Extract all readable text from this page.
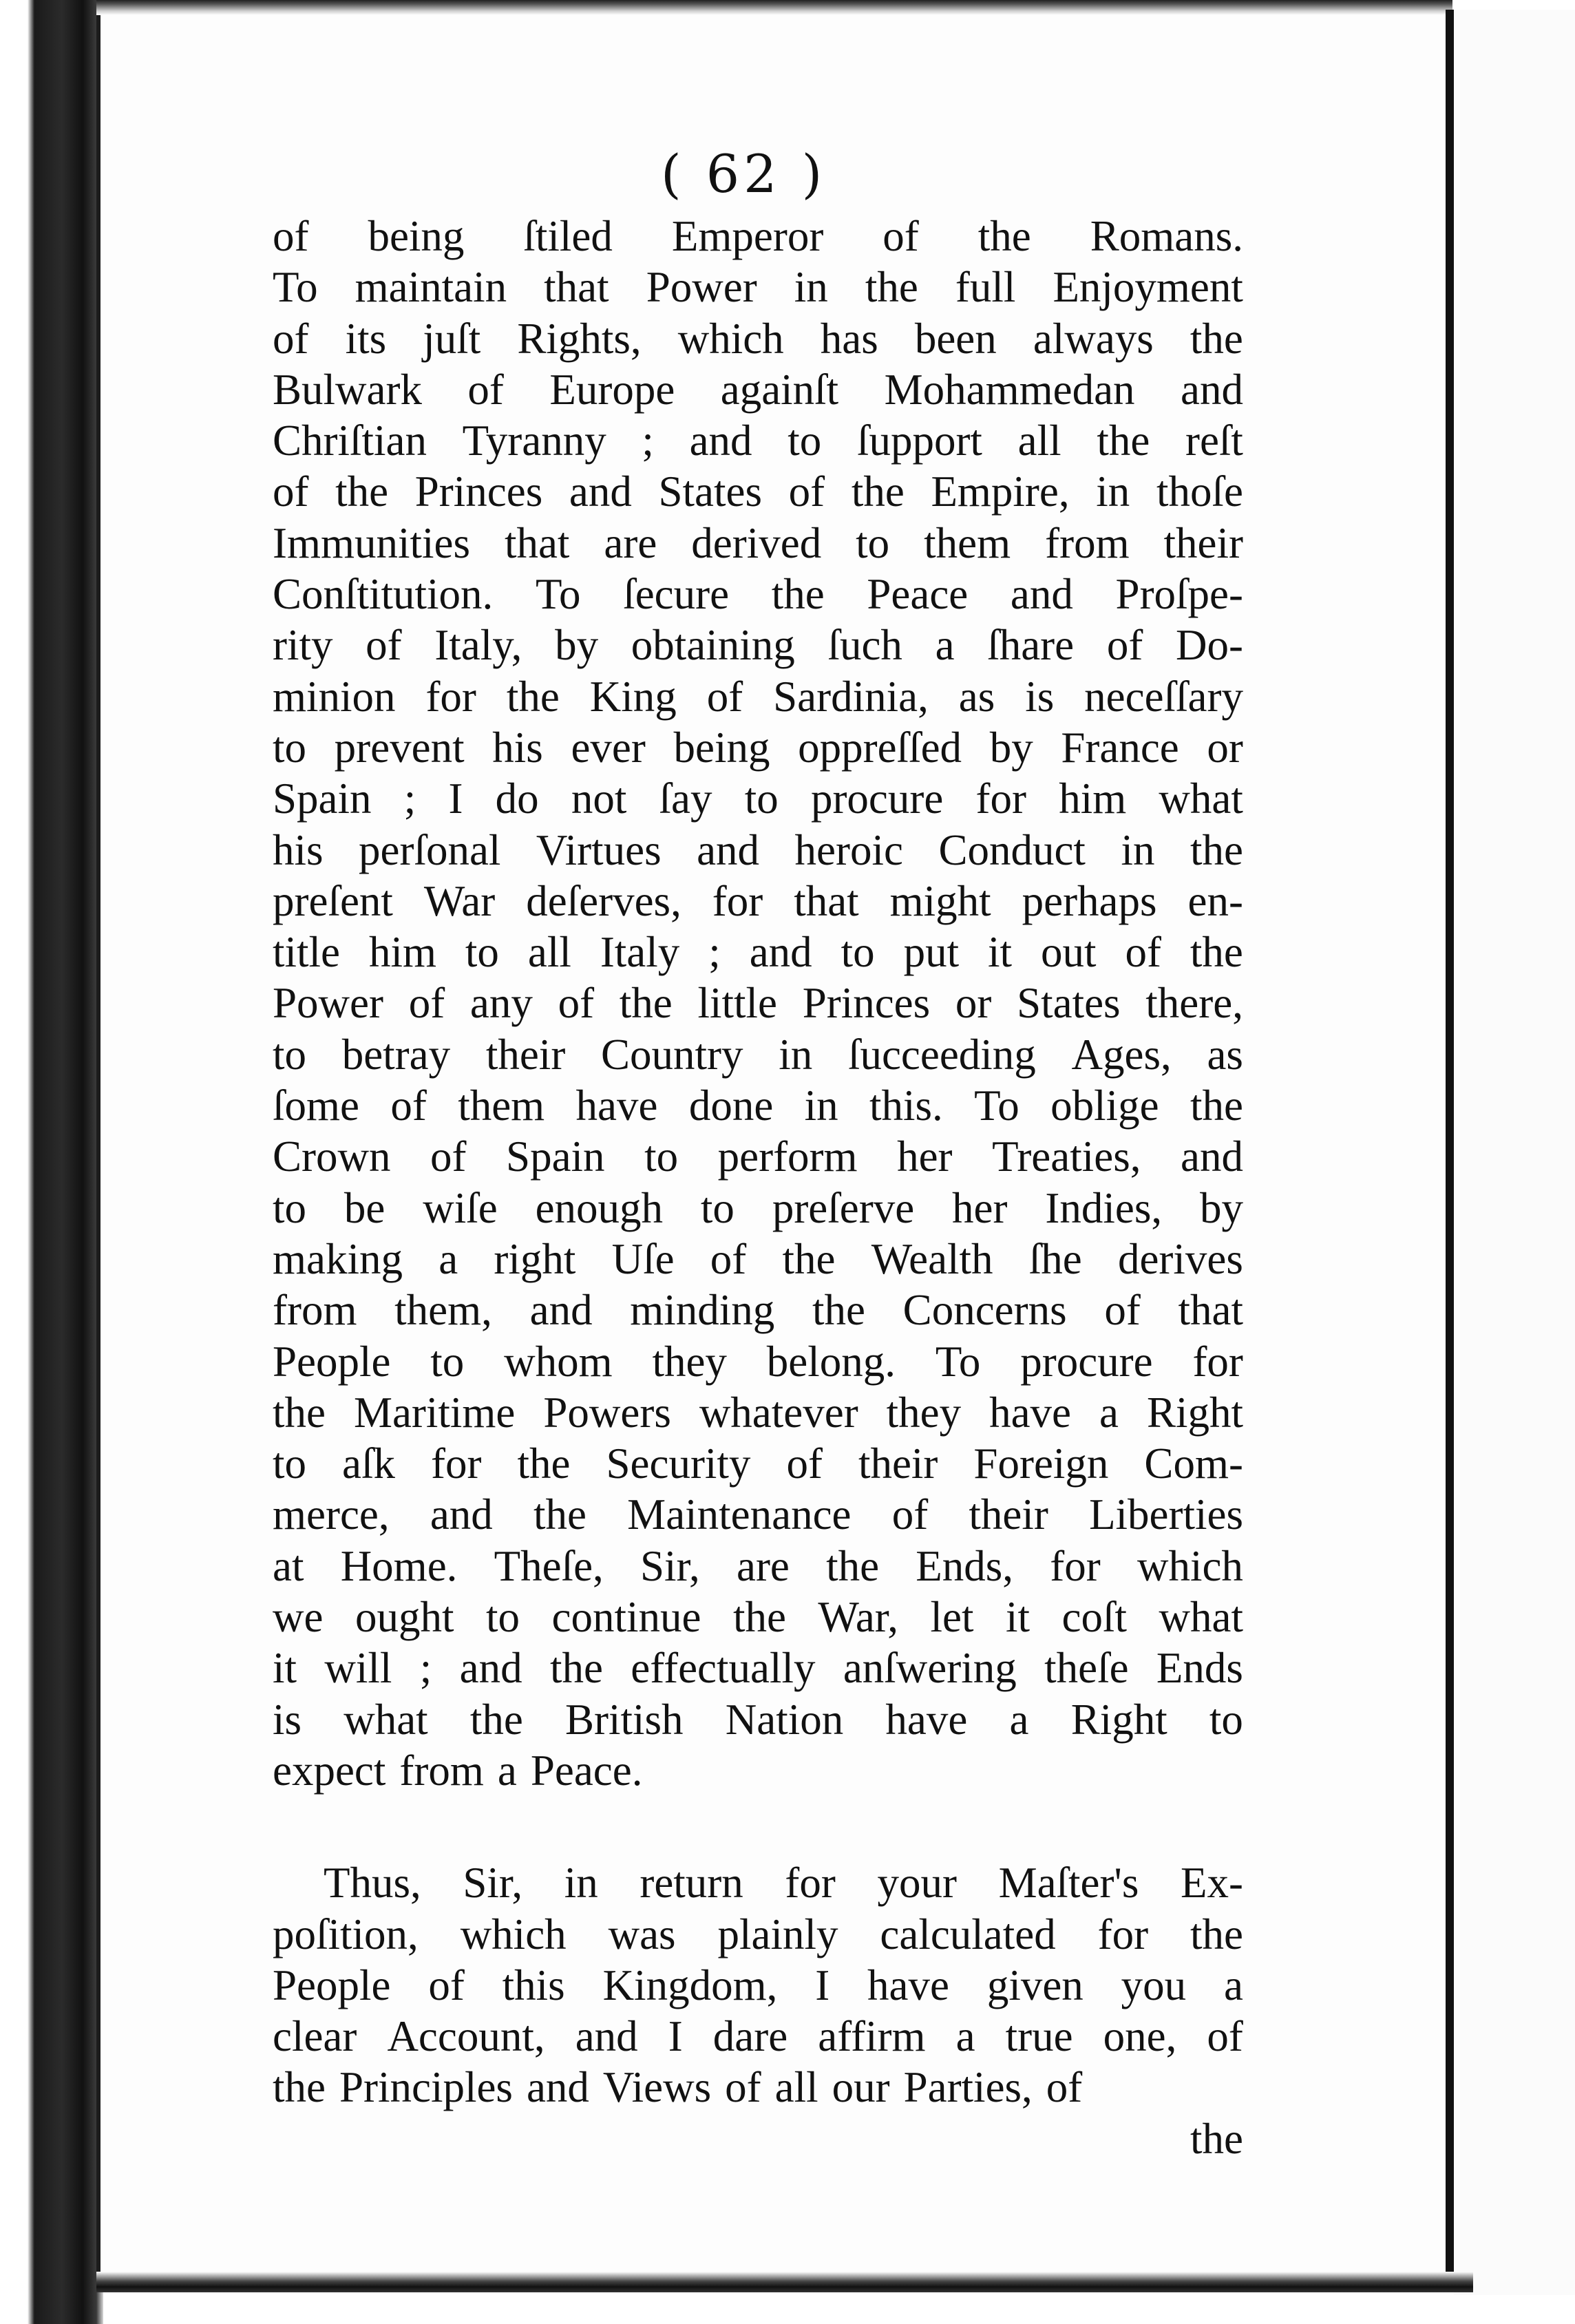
( 62 )
of being ſtiled Emperor of the Romans.
To maintain that Power in the full Enjoyment
of its juſt Rights, which has been always the
Bulwark of Europe againſt Mohammedan and
Chriſtian Tyranny ; and to ſupport all the reſt
of the Princes and States of the Empire, in thoſe
Immunities that are derived to them from their
Conſtitution. To ſecure the Peace and Proſpe-
rity of Italy, by obtaining ſuch a ſhare of Do-
minion for the King of Sardinia, as is neceſſary
to prevent his ever being oppreſſed by France or
Spain ; I do not ſay to procure for him what
his perſonal Virtues and heroic Conduct in the
preſent War deſerves, for that might perhaps en-
title him to all Italy ; and to put it out of the
Power of any of the little Princes or States there,
to betray their Country in ſucceeding Ages, as
ſome of them have done in this. To oblige the
Crown of Spain to perform her Treaties, and
to be wiſe enough to preſerve her Indies, by
making a right Uſe of the Wealth ſhe derives
from them, and minding the Concerns of that
People to whom they belong. To procure for
the Maritime Powers whatever they have a Right
to aſk for the Security of their Foreign Com-
merce, and the Maintenance of their Liberties
at Home. Theſe, Sir, are the Ends, for which
we ought to continue the War, let it coſt what
it will ; and the effectually anſwering theſe Ends
is what the British Nation have a Right to
expect from a Peace.
Thus, Sir, in return for your Maſter's Ex-
poſition, which was plainly calculated for the
People of this Kingdom, I have given you a
clear Account, and I dare affirm a true one, of
the Principles and Views of all our Parties, of
the
